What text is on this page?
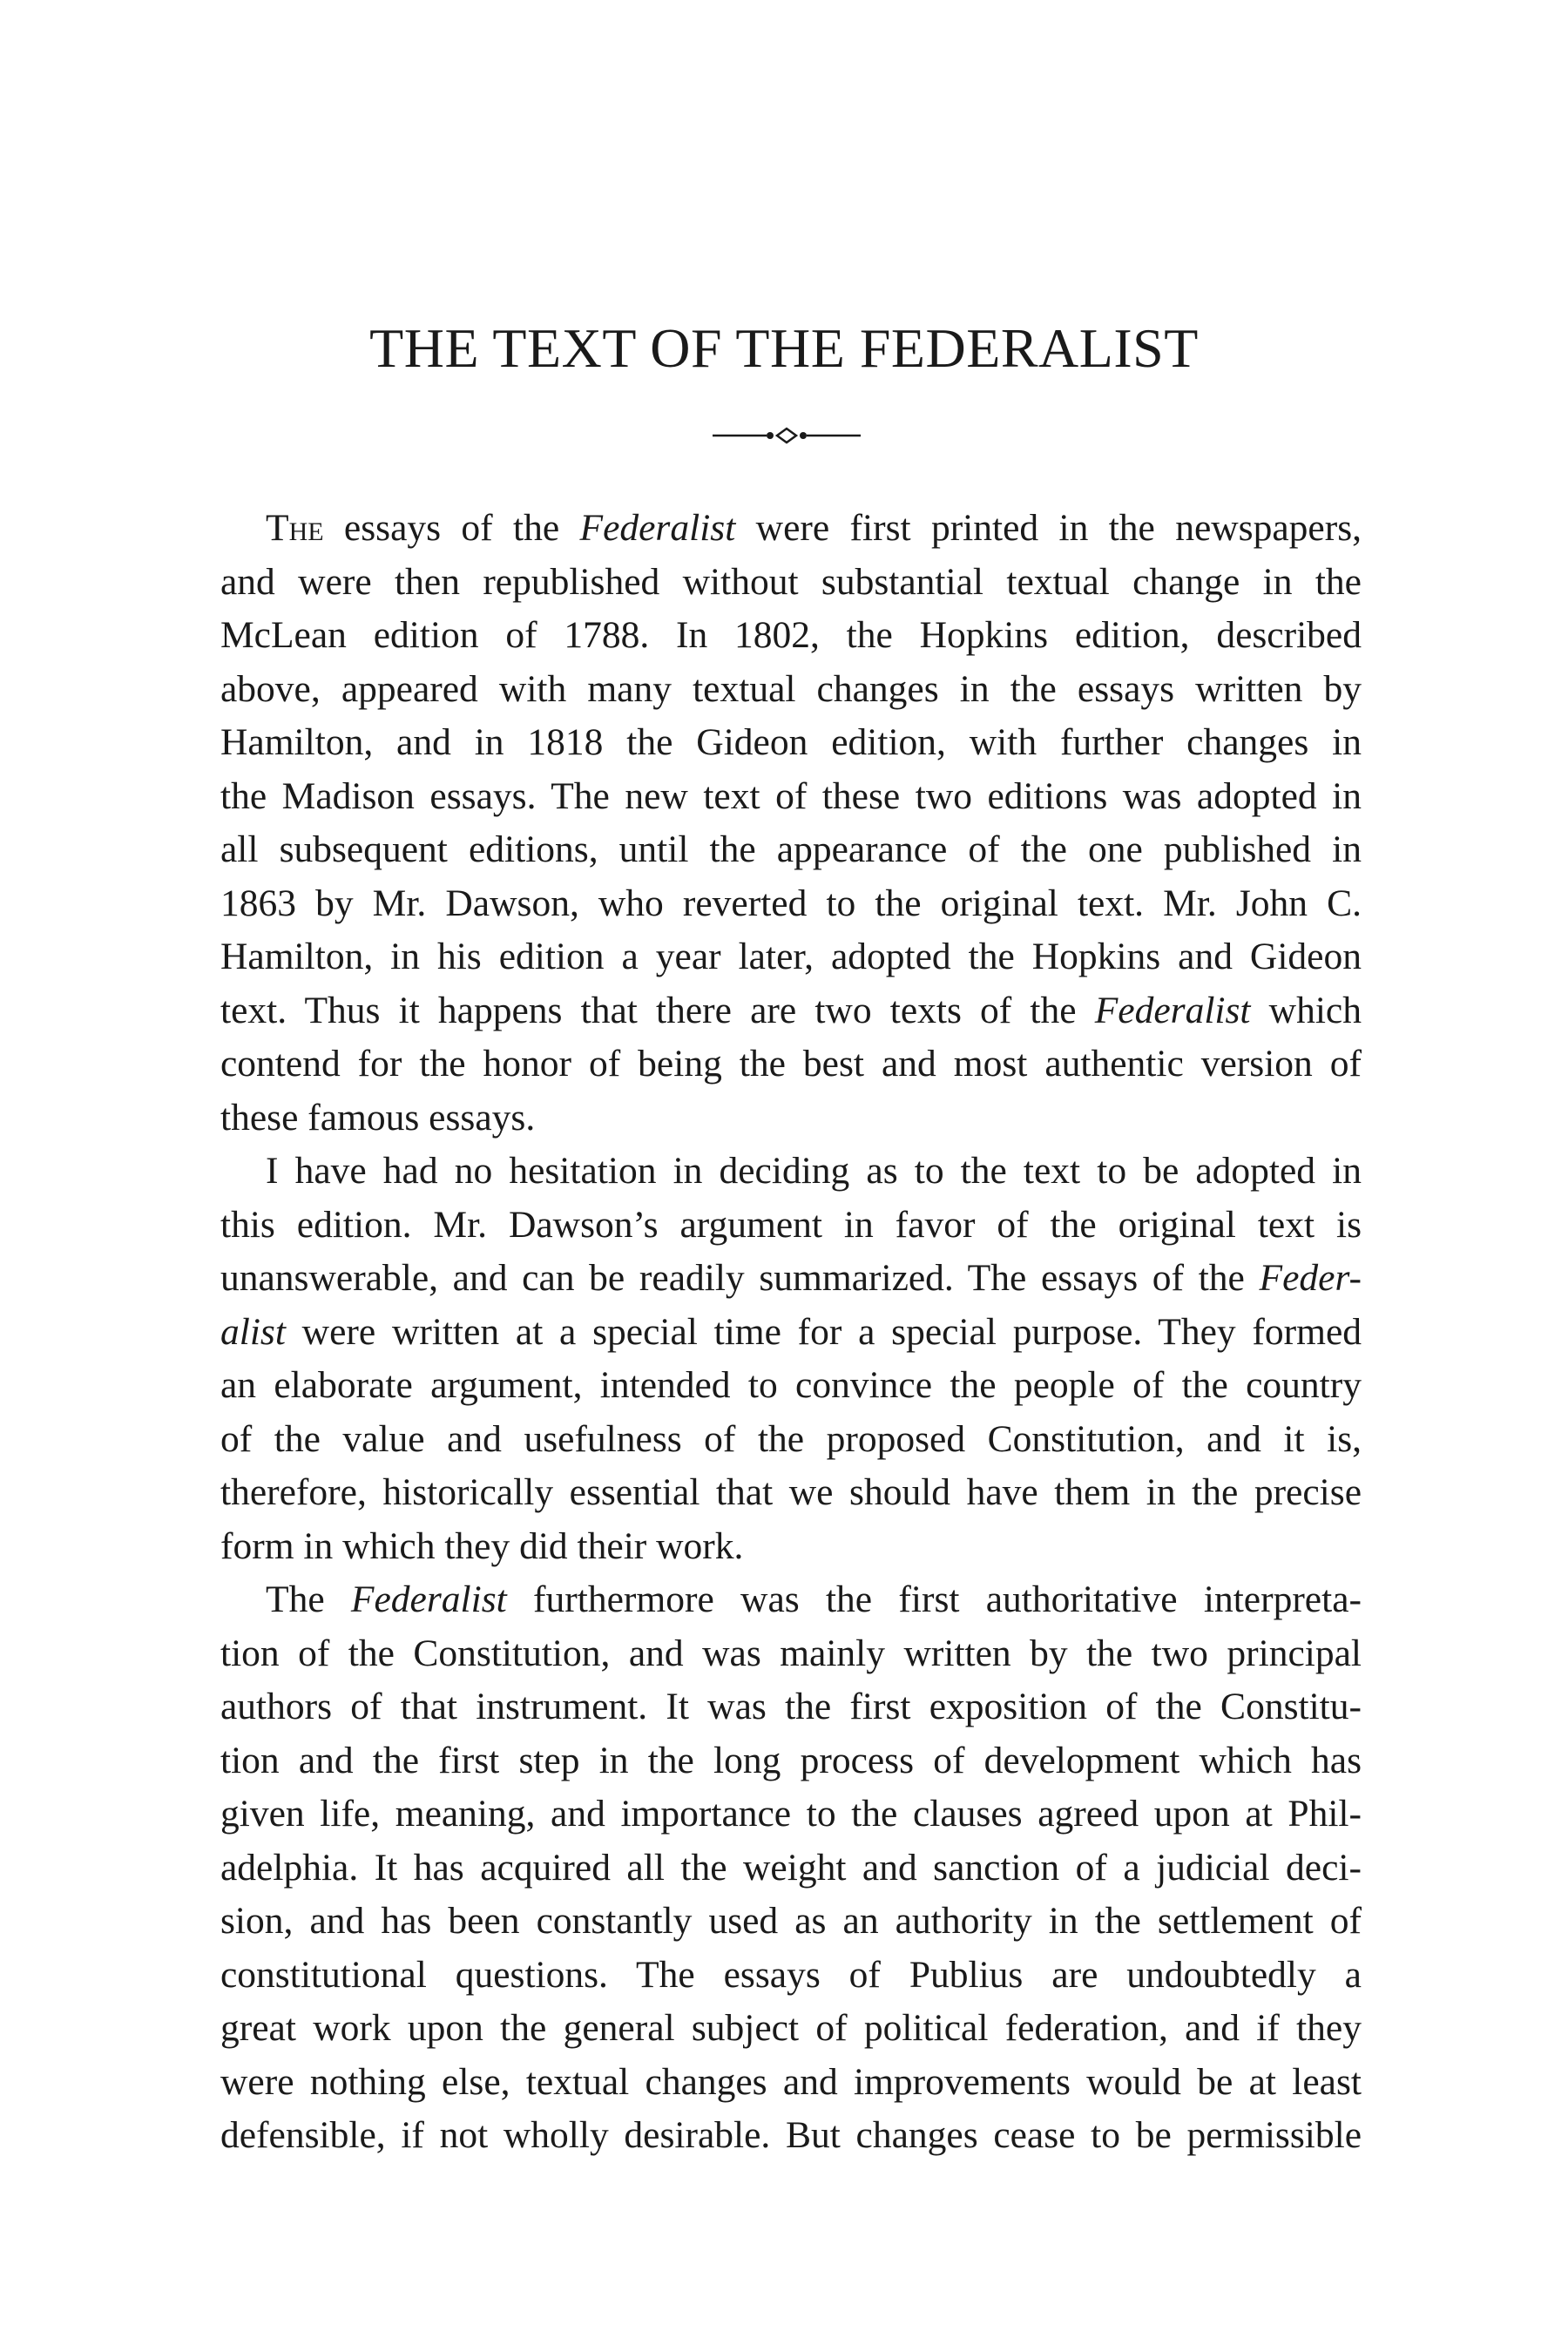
THE TEXT OF THE FEDERALIST
The essays of the Federalist were first printed in the newspapers,
and were then republished without substantial textual change in the
McLean edition of 1788. In 1802, the Hopkins edition, described
above, appeared with many textual changes in the essays written by
Hamilton, and in 1818 the Gideon edition, with further changes in
the Madison essays. The new text of these two editions was adopted in
all subsequent editions, until the appearance of the one published in
1863 by Mr. Dawson, who reverted to the original text. Mr. John C.
Hamilton, in his edition a year later, adopted the Hopkins and Gideon
text. Thus it happens that there are two texts of the Federalist which
contend for the honor of being the best and most authentic version of
these famous essays.
I have had no hesitation in deciding as to the text to be adopted in
this edition. Mr. Dawson’s argument in favor of the original text is
unanswerable, and can be readily summarized. The essays of the Feder-
alist were written at a special time for a special purpose. They formed
an elaborate argument, intended to convince the people of the country
of the value and usefulness of the proposed Constitution, and it is,
therefore, historically essential that we should have them in the precise
form in which they did their work.
The Federalist furthermore was the first authoritative interpreta-
tion of the Constitution, and was mainly written by the two principal
authors of that instrument. It was the first exposition of the Constitu-
tion and the first step in the long process of development which has
given life, meaning, and importance to the clauses agreed upon at Phil-
adelphia. It has acquired all the weight and sanction of a judicial deci-
sion, and has been constantly used as an authority in the settlement of
constitutional questions. The essays of Publius are undoubtedly a
great work upon the general subject of political federation, and if they
were nothing else, textual changes and improvements would be at least
defensible, if not wholly desirable. But changes cease to be permissible
